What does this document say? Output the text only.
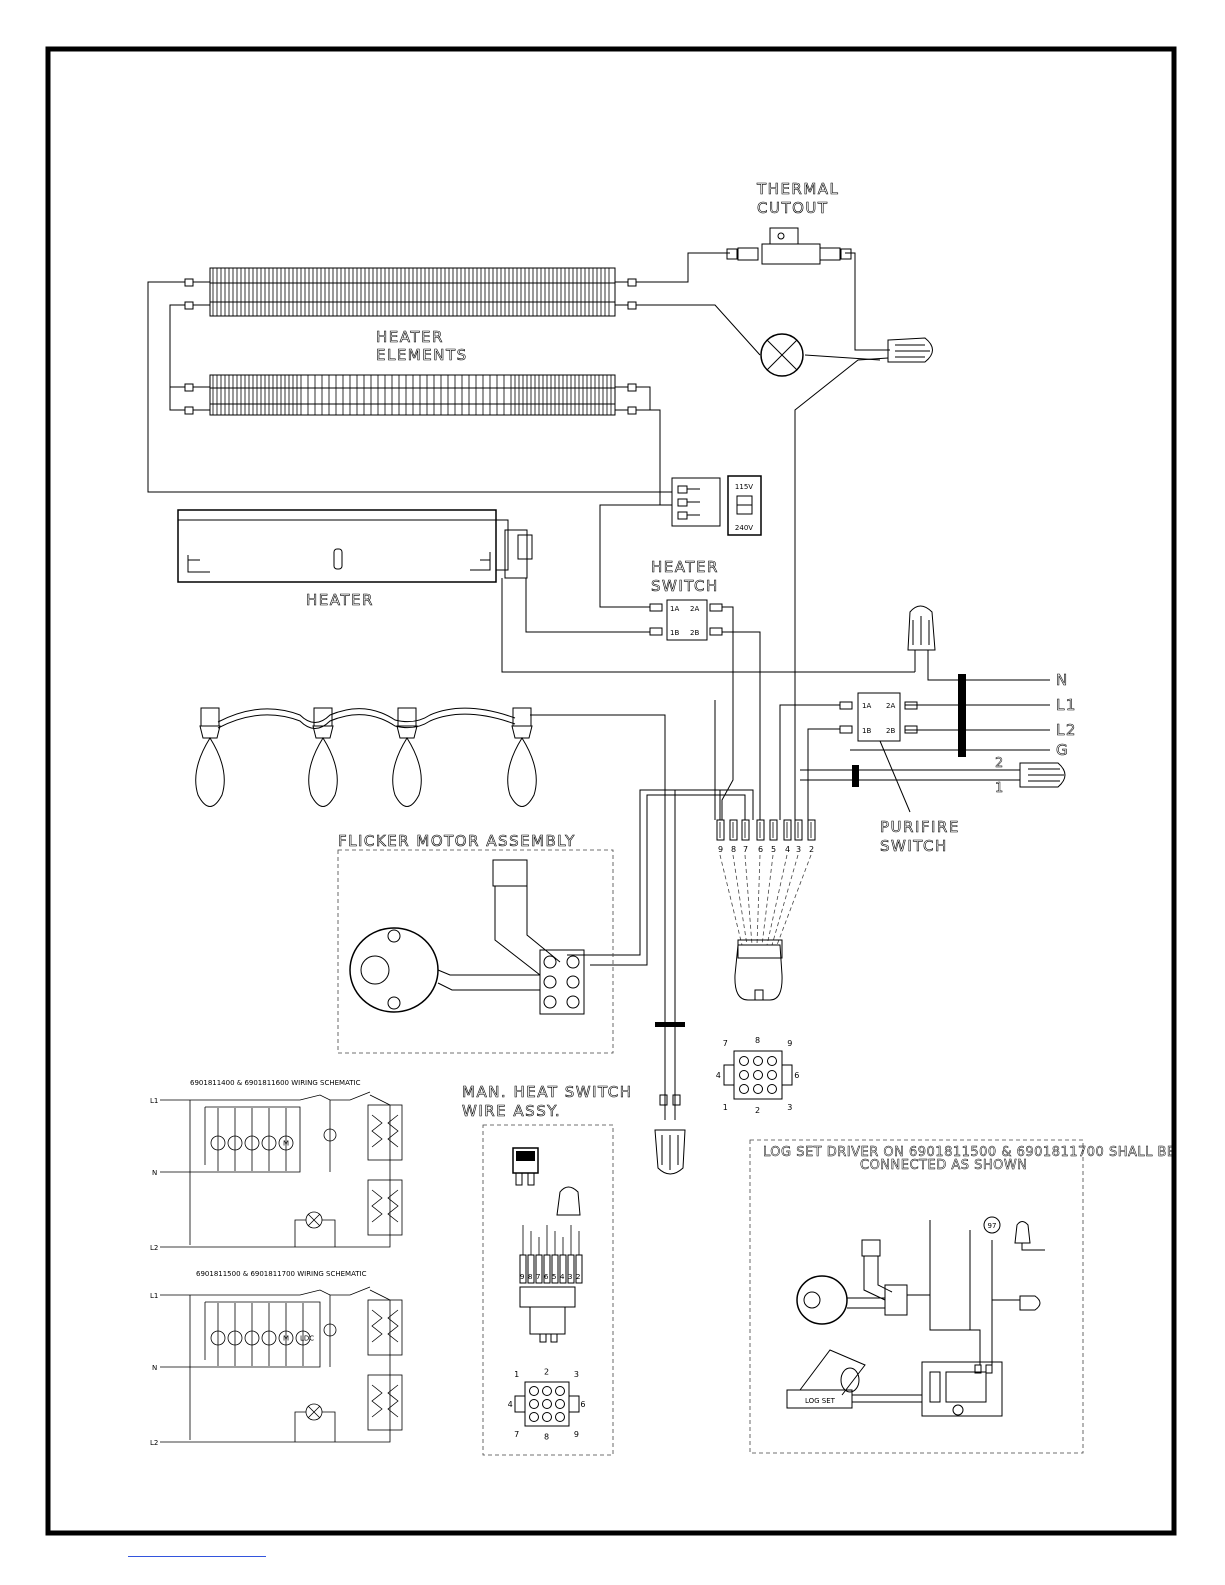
HEATER
ELEMENTS
THERMAL
CUTOUT
115V
240V
HEATER
HEATER
SWITCH
1A 2A
1B 2B
N
L1
L2
G
1A 2A
1B 2B
PURIFIRE
SWITCH
2
1
9 8 7 6 5 4 3 2
FLICKER MOTOR ASSEMBLY
7	8	9
4	6
1	2	3
6901811400 & 6901811600 WIRING SCHEMATIC
L1
N
L2
M
6901811500 & 6901811700 WIRING SCHEMATIC
L1
N
L2
M LDC
MAN. HEAT SWITCH
WIRE ASSY.
9 8 7 6 5 4 3 2
1	2	3
4	6
7	8	9
LOG SET DRIVER ON 6901811500 & 6901811700 SHALL BE
CONNECTED AS SHOWN
97
LOG SET
